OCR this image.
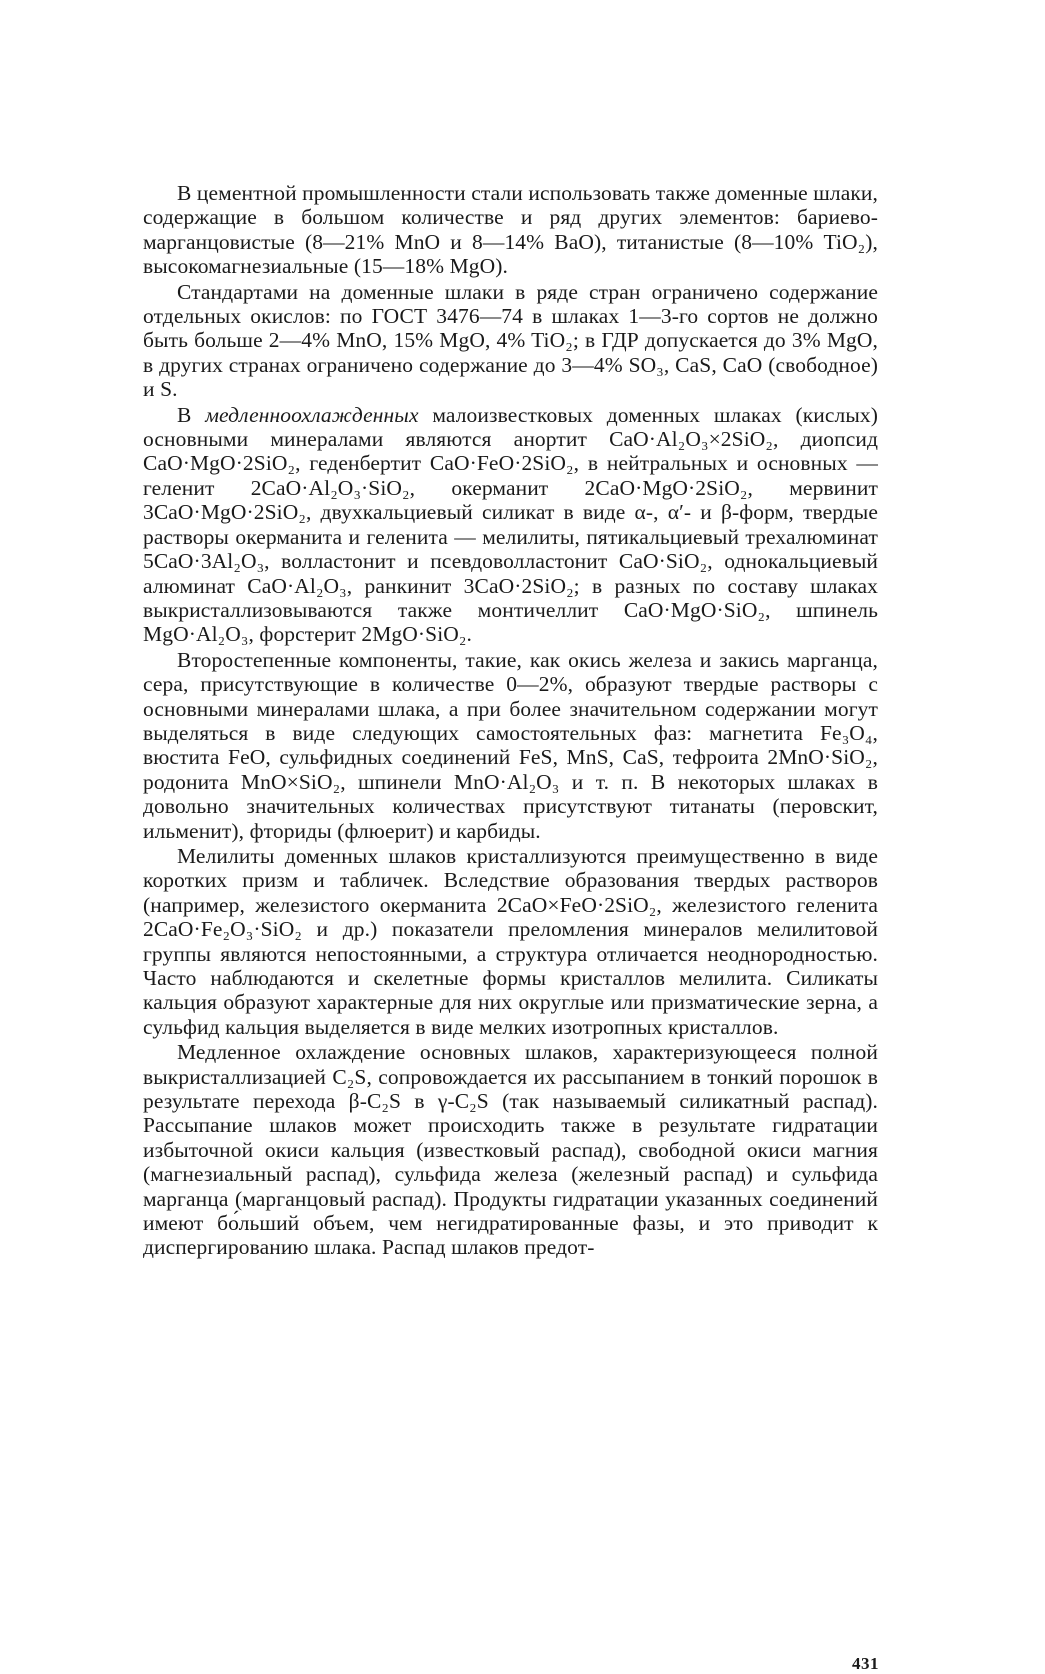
В цементной промышленности стали использовать также доменные шлаки, содержащие в большом количестве и ряд других элементов: бариево-марганцовистые (8—21% MnO и 8—14% BaO), титанистые (8—10% TiO₂), высокомагнезиальные (15—18% MgO).

Стандартами на доменные шлаки в ряде стран ограничено содержание отдельных окислов: по ГОСТ 3476—74 в шлаках 1—3-го сортов не должно быть больше 2—4% MnO, 15% MgO, 4% TiO₂; в ГДР допускается до 3% MgO, в других странах ограничено содержание до 3—4% SO₃, CaS, CaO (свободное) и S.

В медленноохлажденных малоизвестковых доменных шлаках (кислых) основными минералами являются анортит CaO·Al₂O₃×2SiO₂, диопсид CaO·MgO·2SiO₂, геденбертит CaO·FeO·2SiO₂, в нейтральных и основных — геленит 2CaO·Al₂O₃·SiO₂, окерманит 2CaO·MgO·2SiO₂, мервинит 3CaO·MgO·2SiO₂, двухкальциевый силикат в виде α-, α′- и β-форм, твердые растворы окерманита и геленита — мелилиты, пятикальциевый трехалюминат 5CaO·3Al₂O₃, волластонит и псевдоволластонит CaO·SiO₂, однокальциевый алюминат CaO·Al₂O₃, ранкинит 3CaO·2SiO₂; в разных по составу шлаках выкристаллизовываются также монтичеллит CaO·MgO·SiO₂, шпинель MgO·Al₂O₃, форстерит 2MgO·SiO₂.

Второстепенные компоненты, такие, как окись железа и закись марганца, сера, присутствующие в количестве 0—2%, образуют твердые растворы с основными минералами шлака, а при более значительном содержании могут выделяться в виде следующих самостоятельных фаз: магнетита Fe₃O₄, вюстита FeO, сульфидных соединений FeS, MnS, CaS, тефроита 2MnO·SiO₂, родонита MnO×SiO₂, шпинели MnO·Al₂O₃ и т. п. В некоторых шлаках в довольно значительных количествах присутствуют титанаты (перовскит, ильменит), фториды (флюерит) и карбиды.

Мелилиты доменных шлаков кристаллизуются преимущественно в виде коротких призм и табличек. Вследствие образования твердых растворов (например, железистого окерманита 2CaO×FeO·2SiO₂, железистого геленита 2CaO·Fe₂O₃·SiO₂ и др.) показатели преломления минералов мелилитовой группы являются непостоянными, а структура отличается неоднородностью. Часто наблюдаются и скелетные формы кристаллов мелилита. Силикаты кальция образуют характерные для них округлые или призматические зерна, а сульфид кальция выделяется в виде мелких изотропных кристаллов.

Медленное охлаждение основных шлаков, характеризующееся полной выкристаллизацией C₂S, сопровождается их рассыпанием в тонкий порошок в результате перехода β-C₂S в γ-C₂S (так называемый силикатный распад). Рассыпание шлаков может происходить также в результате гидратации избыточной окиси кальция (известковый распад), свободной окиси магния (магнезиальный распад), сульфида железа (железный распад) и сульфида марганца (марганцовый распад). Продукты гидратации указанных соединений имеют бо́льший объем, чем негидратированные фазы, и это приводит к диспергированию шлака. Распад шлаков предот-

431
